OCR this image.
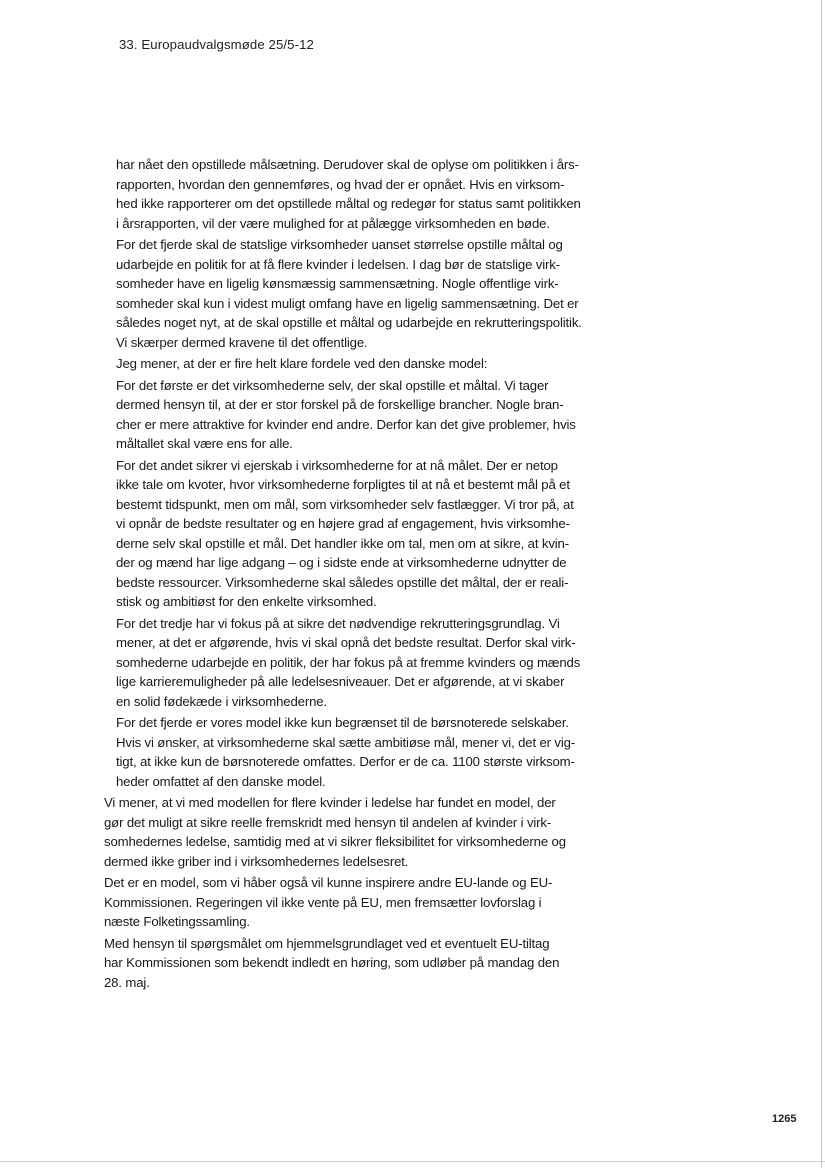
33. Europaudvalgsmøde 25/5-12
har nået den opstillede målsætning. Derudover skal de oplyse om politikken i års-
rapporten, hvordan den gennemføres, og hvad der er opnået. Hvis en virksom-
hed ikke rapporterer om det opstillede måltal og redegør for status samt politikken
i årsrapporten, vil der være mulighed for at pålægge virksomheden en bøde.
For det fjerde skal de statslige virksomheder uanset størrelse opstille måltal og
udarbejde en politik for at få flere kvinder i ledelsen. I dag bør de statslige virk-
somheder have en ligelig kønsmæssig sammensætning. Nogle offentlige virk-
somheder skal kun i videst muligt omfang have en ligelig sammensætning. Det er
således noget nyt, at de skal opstille et måltal og udarbejde en rekrutteringspolitik.
Vi skærper dermed kravene til det offentlige.
Jeg mener, at der er fire helt klare fordele ved den danske model:
For det første er det virksomhederne selv, der skal opstille et måltal. Vi tager
dermed hensyn til, at der er stor forskel på de forskellige brancher. Nogle bran-
cher er mere attraktive for kvinder end andre. Derfor kan det give problemer, hvis
måltallet skal være ens for alle.
For det andet sikrer vi ejerskab i virksomhederne for at nå målet. Der er netop
ikke tale om kvoter, hvor virksomhederne forpligtes til at nå et bestemt mål på et
bestemt tidspunkt, men om mål, som virksomheder selv fastlægger. Vi tror på, at
vi opnår de bedste resultater og en højere grad af engagement, hvis virksomhe-
derne selv skal opstille et mål. Det handler ikke om tal, men om at sikre, at kvin-
der og mænd har lige adgang – og i sidste ende at virksomhederne udnytter de
bedste ressourcer. Virksomhederne skal således opstille det måltal, der er reali-
stisk og ambitiøst for den enkelte virksomhed.
For det tredje har vi fokus på at sikre det nødvendige rekrutteringsgrundlag. Vi
mener, at det er afgørende, hvis vi skal opnå det bedste resultat. Derfor skal virk-
somhederne udarbejde en politik, der har fokus på at fremme kvinders og mænds
lige karrieremuligheder på alle ledelsesniveauer. Det er afgørende, at vi skaber
en solid fødekæde i virksomhederne.
For det fjerde er vores model ikke kun begrænset til de børsnoterede selskaber.
Hvis vi ønsker, at virksomhederne skal sætte ambitiøse mål, mener vi, det er vig-
tigt, at ikke kun de børsnoterede omfattes. Derfor er de ca. 1100 største virksom-
heder omfattet af den danske model.
Vi mener, at vi med modellen for flere kvinder i ledelse har fundet en model, der
gør det muligt at sikre reelle fremskridt med hensyn til andelen af kvinder i virk-
somhedernes ledelse, samtidig med at vi sikrer fleksibilitet for virksomhederne og
dermed ikke griber ind i virksomhedernes ledelsesret.
Det er en model, som vi håber også vil kunne inspirere andre EU-lande og EU-
Kommissionen. Regeringen vil ikke vente på EU, men fremsætter lovforslag i
næste Folketingssamling.
Med hensyn til spørgsmålet om hjemmelsgrundlaget ved et eventuelt EU-tiltag
har Kommissionen som bekendt indledt en høring, som udløber på mandag den
28. maj.
1265
